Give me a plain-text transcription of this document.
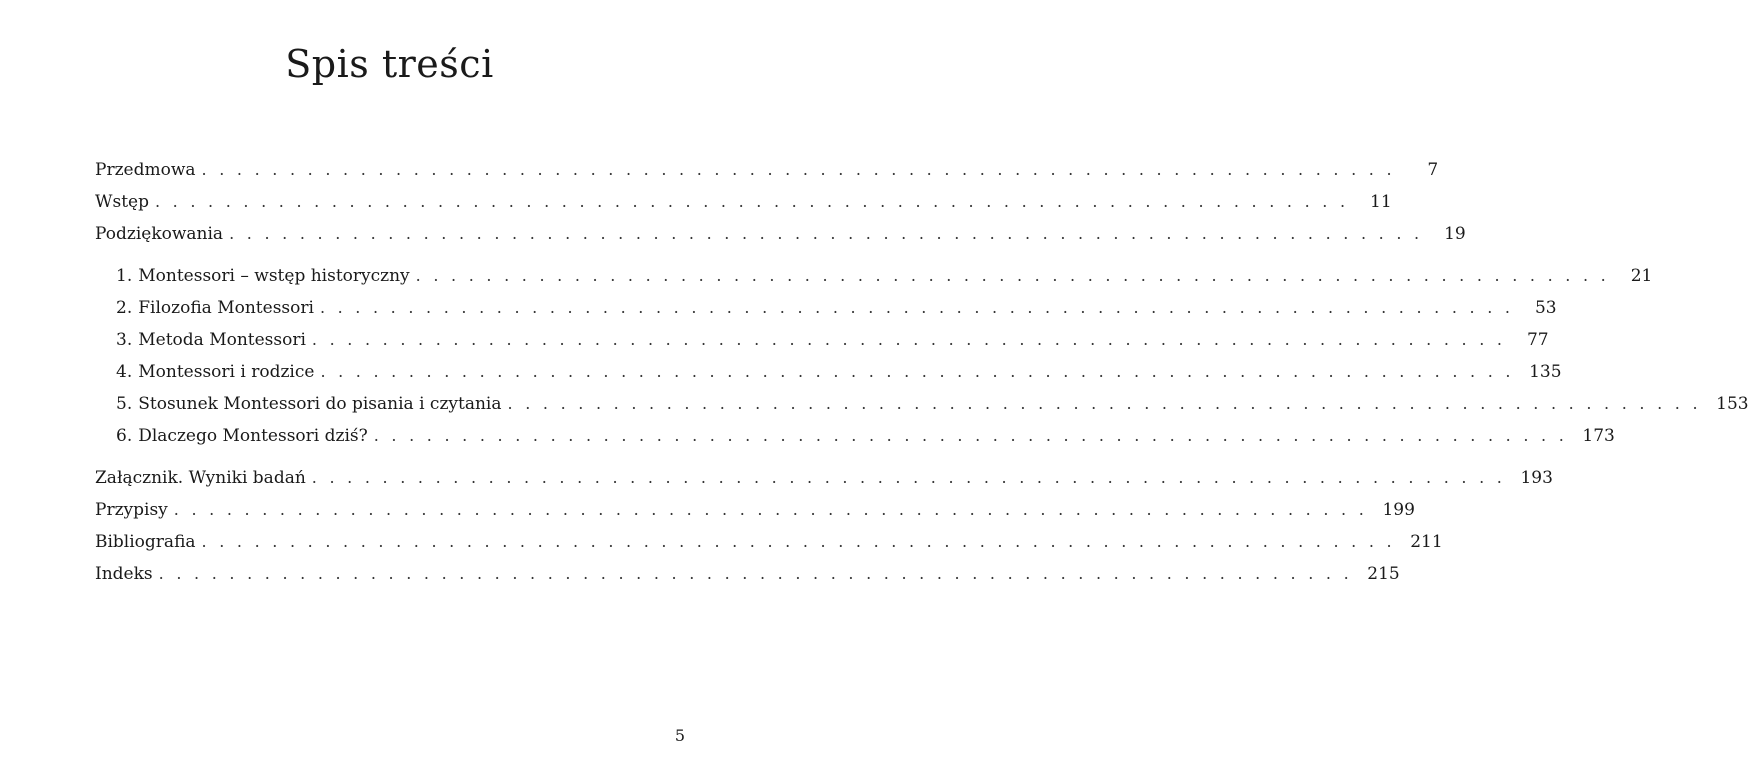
Spis treści
Przedmowa ....................................................................	7
Wstęp .................................................................... 11
Podziękowania .................................................................... 19
1. Montessori – wstęp historyczny .................................................................... 21
2. Filozofia Montessori .................................................................... 53
3. Metoda Montessori .................................................................... 77
4. Montessori i rodzice .................................................................... 135
5. Stosunek Montessori do pisania i czytania .................................................................... 153
6. Dlaczego Montessori dziś? .................................................................... 173
Załącznik. Wyniki badań .................................................................... 193
Przypisy .................................................................... 199
Bibliografia .................................................................... 211
Indeks .................................................................... 215
5
